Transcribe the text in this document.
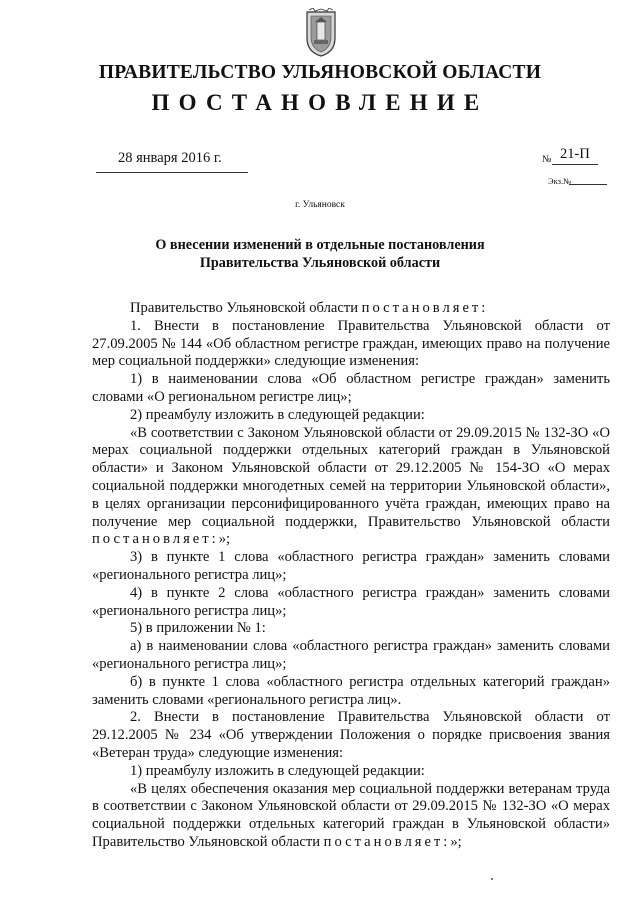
ПРАВИТЕЛЬСТВО УЛЬЯНОВСКОЙ ОБЛАСТИ
ПОСТАНОВЛЕНИЕ
28 января 2016 г.	№ 21-П
Экз.№
г. Ульяновск
О внесении изменений в отдельные постановления
Правительства Ульяновской области

Правительство Ульяновской области постановляет:

1. Внести в постановление Правительства Ульяновской области от 27.09.2005 № 144 «Об областном регистре граждан, имеющих право на получение мер социальной поддержки» следующие изменения:

1) в наименовании слова «Об областном регистре граждан» заменить словами «О региональном регистре лиц»;

2) преамбулу изложить в следующей редакции:

«В соответствии с Законом Ульяновской области от 29.09.2015 № 132-ЗО «О мерах социальной поддержки отдельных категорий граждан в Ульяновской области» и Законом Ульяновской области от 29.12.2005 № 154-ЗО «О мерах социальной поддержки многодетных семей на территории Ульяновской области», в целях организации персонифицированного учёта граждан, имеющих право на получение мер социальной поддержки, Правительство Ульяновской области постановляет:»;

3) в пункте 1 слова «областного регистра граждан» заменить словами «регионального регистра лиц»;

4) в пункте 2 слова «областного регистра граждан» заменить словами «регионального регистра лиц»;

5) в приложении № 1:

а) в наименовании слова «областного регистра граждан» заменить словами «регионального регистра лиц»;

б) в пункте 1 слова «областного регистра отдельных категорий граждан» заменить словами «регионального регистра лиц».

2. Внести в постановление Правительства Ульяновской области от 29.12.2005 № 234 «Об утверждении Положения о порядке присвоения звания «Ветеран труда» следующие изменения:

1) преамбулу изложить в следующей редакции:

«В целях обеспечения оказания мер социальной поддержки ветеранам труда в соответствии с Законом Ульяновской области от 29.09.2015 № 132-ЗО «О мерах социальной поддержки отдельных категорий граждан в Ульяновской области» Правительство Ульяновской области постановляет:»;
